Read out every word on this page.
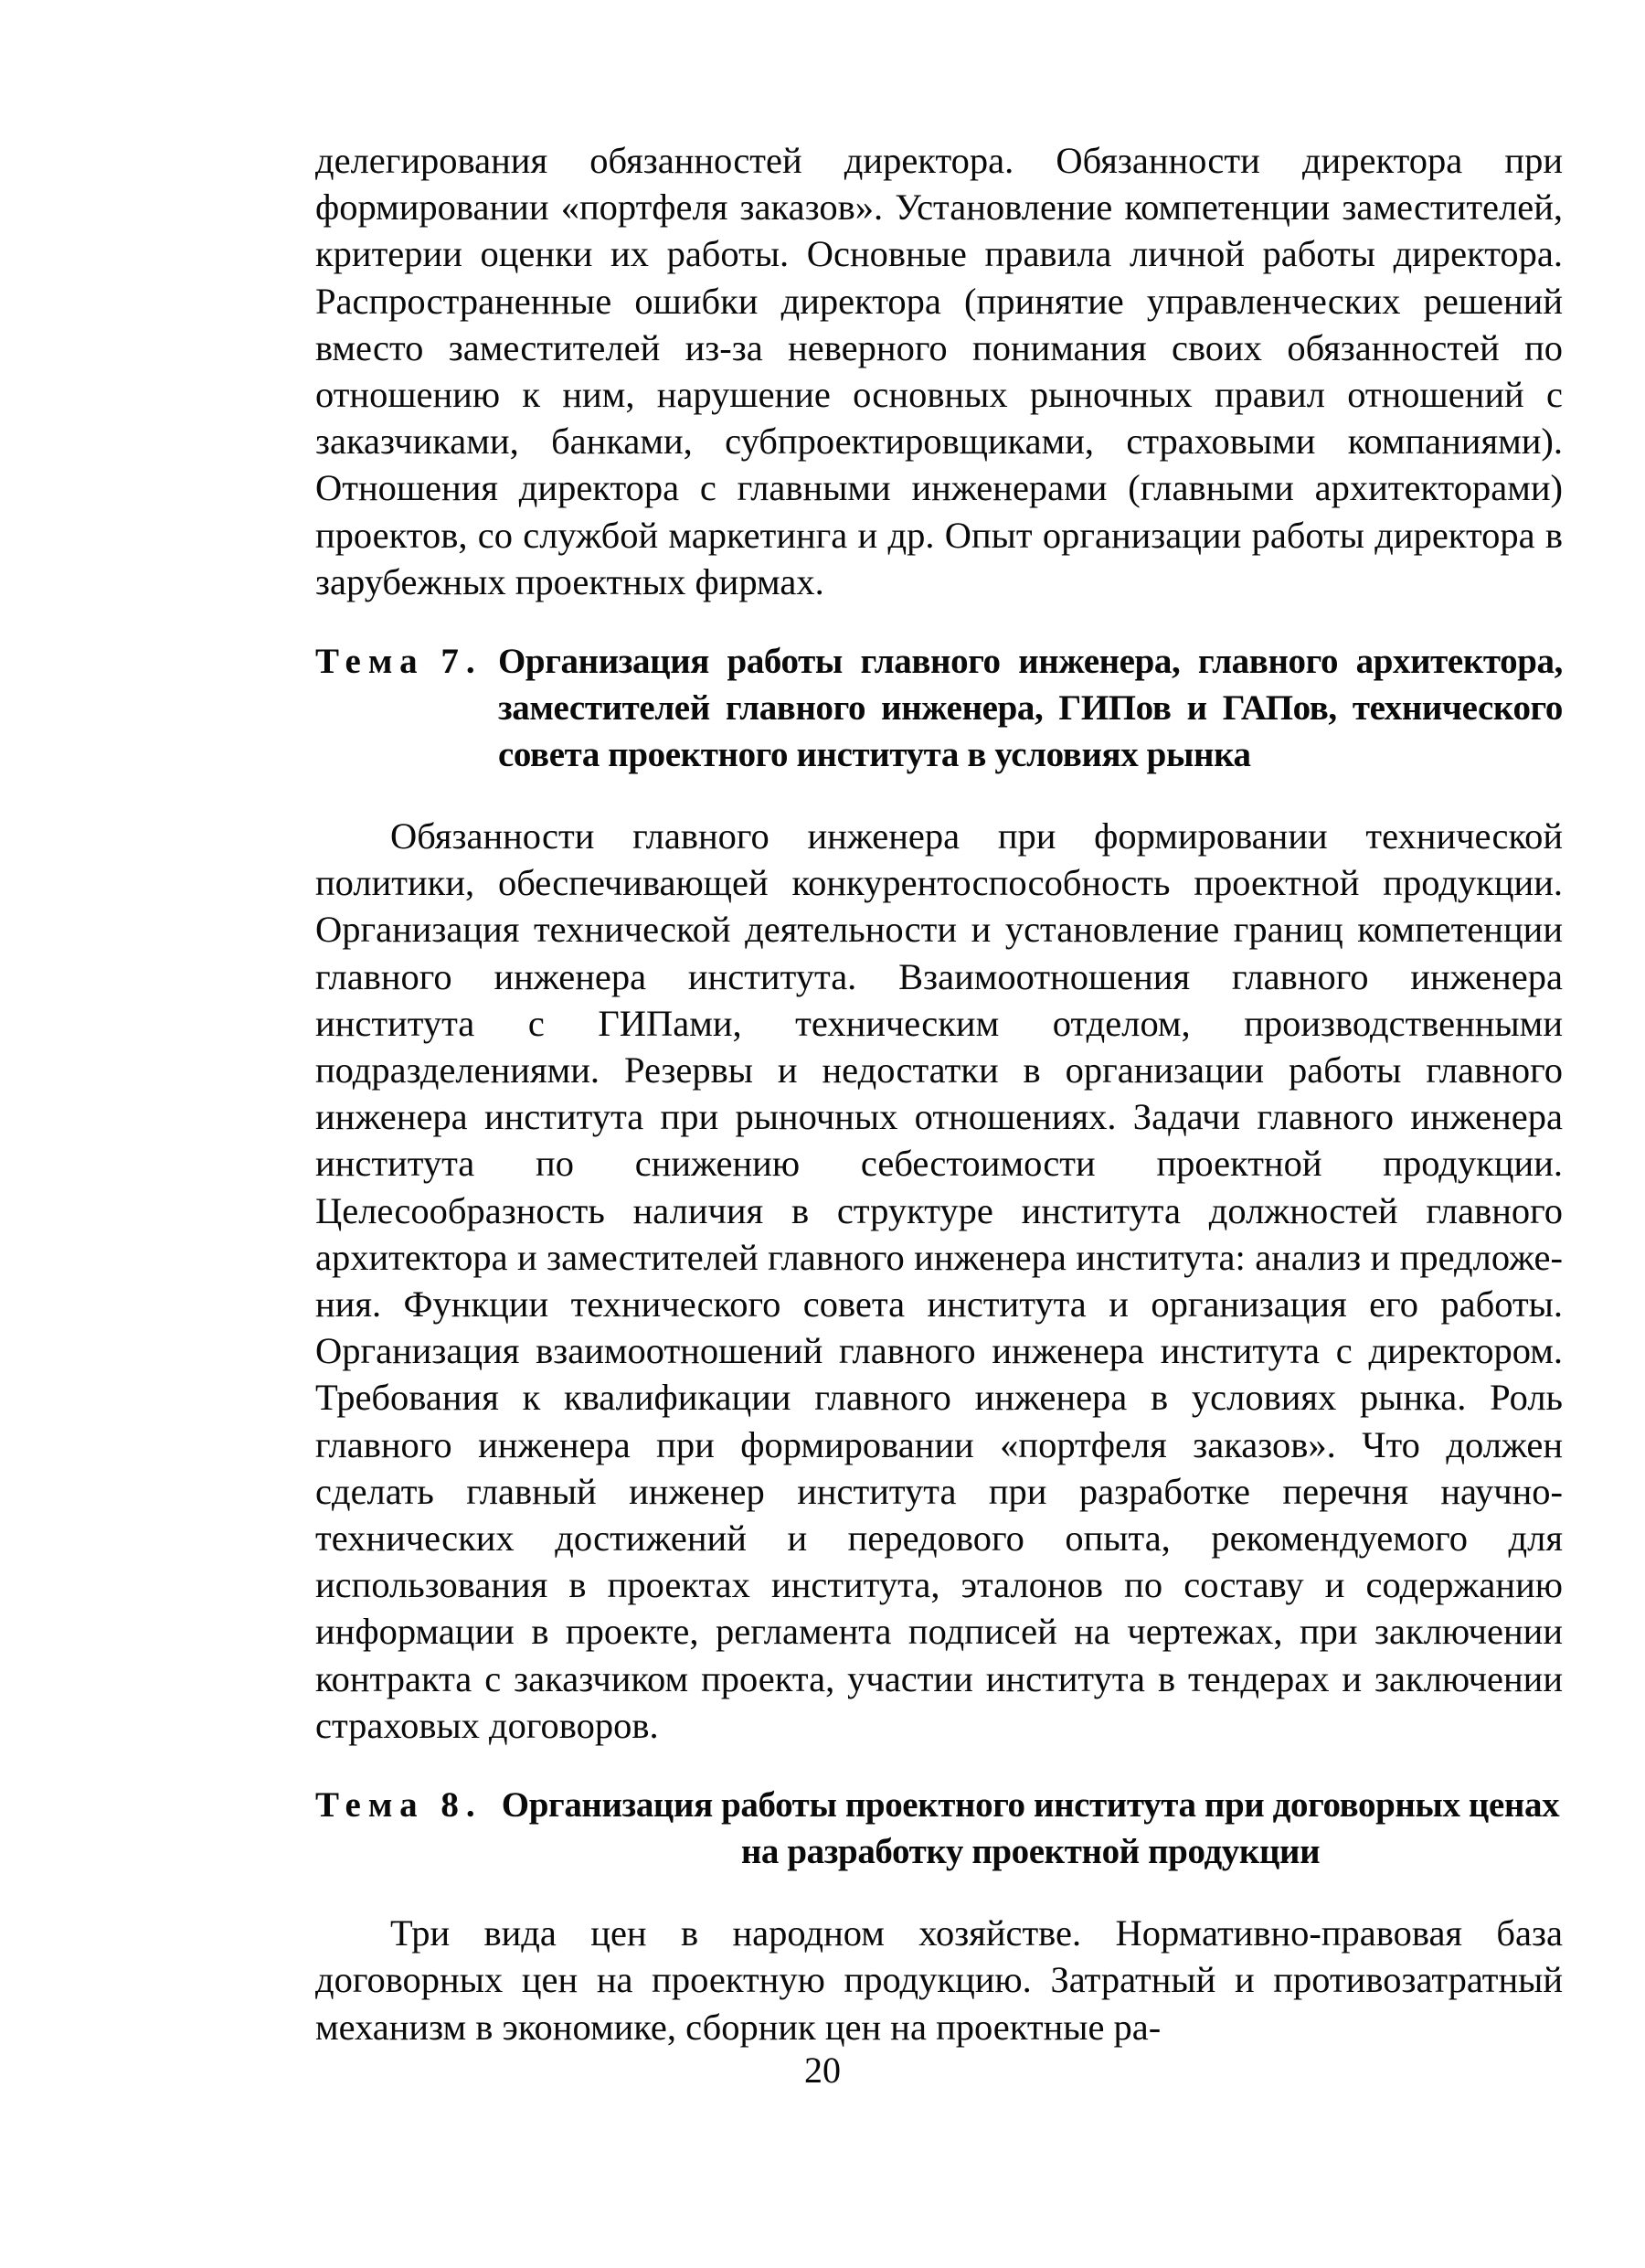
делегирования обязанностей директора. Обязанности директора при формировании «портфеля заказов». Установление компетенции заместителей, критерии оценки их работы. Основные правила личной работы директора. Распространенные ошибки директора (принятие управленческих решений вместо заместителей из-за неверного понимания своих обязанностей по отношению к ним, нарушение основных рыночных правил отношений с заказчиками, банками, субпроектировщиками, страховыми компаниями). Отношения директора с главными инженерами (главными архитекторами) проектов, со службой маркетинга и др. Опыт организации работы директора в зарубежных проектных фирмах.

Тема 7. Организация работы главного инженера, главного архитектора, заместителей главного инженера, ГИПов и ГАПов, технического совета проектного института в условиях рынка

Обязанности главного инженера при формировании технической политики, обеспечивающей конкурентоспособность проектной продукции. Организация технической деятельности и установление границ компетенции главного инженера института. Взаимоотношения главного инженера института с ГИПами, техническим отделом, производственными подразделениями. Резервы и недостатки в организации работы главного инженера института при рыночных отношениях. Задачи главного инженера института по снижению себестоимости проектной продукции. Целесообразность наличия в структуре института должностей главного архитектора и заместителей главного инженера института: анализ и предложения. Функции технического совета института и организация его работы. Организация взаимоотношений главного инженера института с директором. Требования к квалификации главного инженера в условиях рынка. Роль главного инженера при формировании «портфеля заказов». Что должен сделать главный инженер института при разработке перечня научно-технических достижений и передового опыта, рекомендуемого для использования в проектах института, эталонов по составу и содержанию информации в проекте, регламента подписей на чертежах, при заключении контракта с заказчиком проекта, участии института в тендерах и заключении страховых договоров.

Тема 8. Организация работы проектного института при договорных ценах на разработку проектной продукции

Три вида цен в народном хозяйстве. Нормативно-правовая база договорных цен на проектную продукцию. Затратный и противозатратный механизм в экономике, сборник цен на проектные ра-

20
